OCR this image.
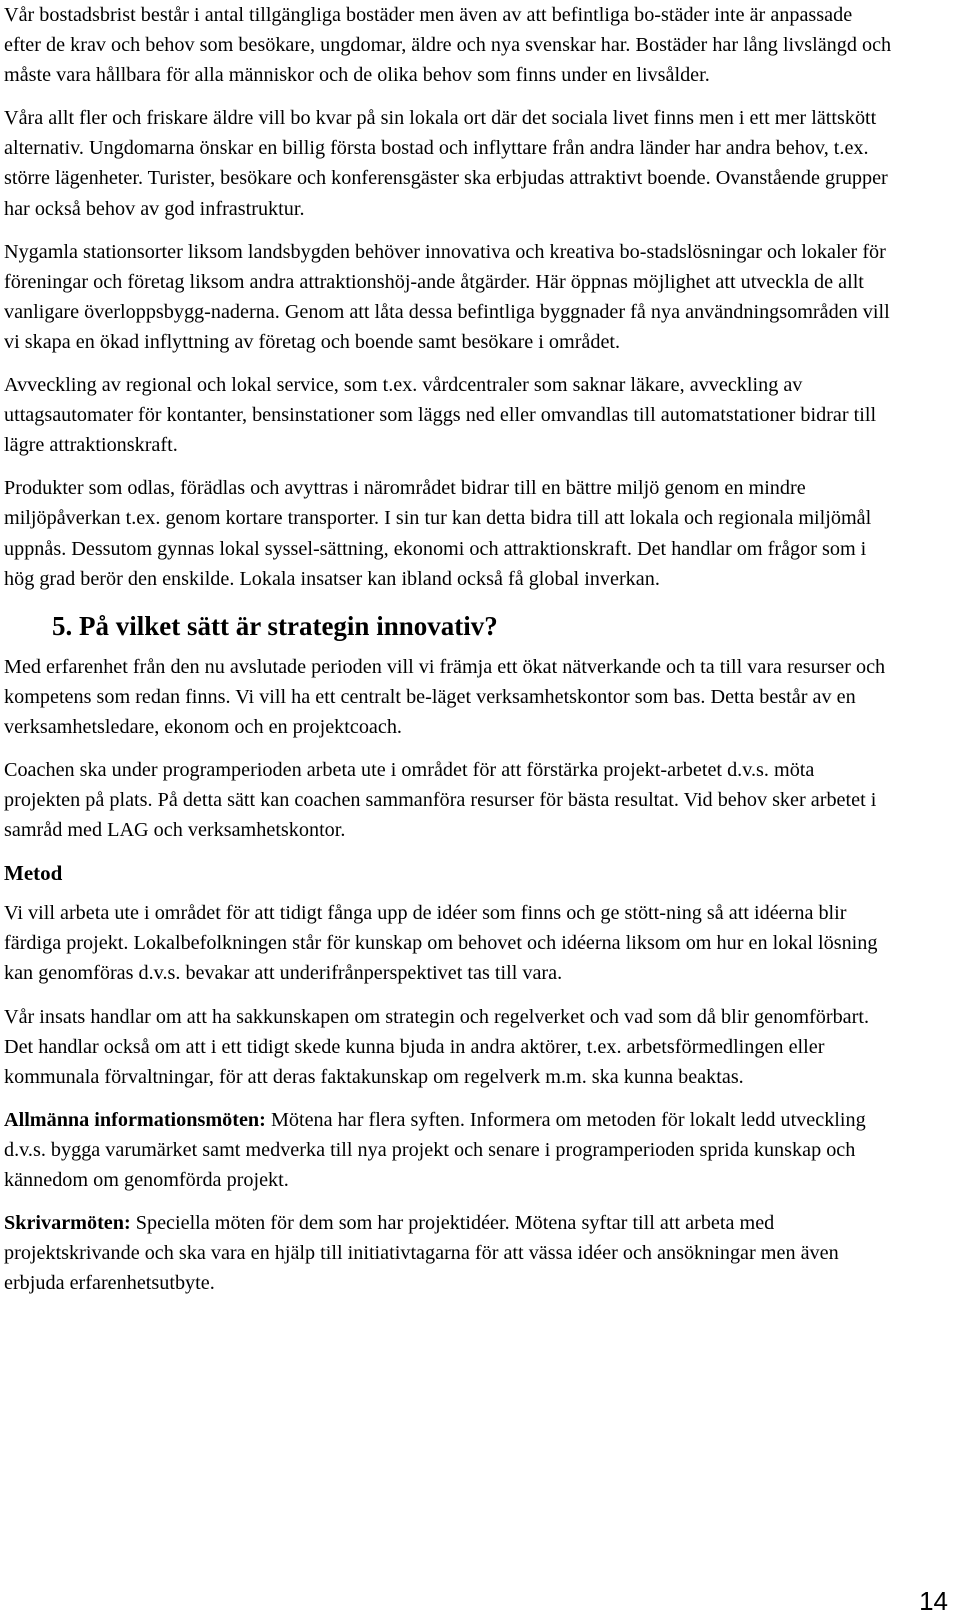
Vår bostadsbrist består i antal tillgängliga bostäder men även av att befintliga bo-städer inte är anpassade efter de krav och behov som besökare, ungdomar, äldre och nya svenskar har. Bostäder har lång livslängd och måste vara hållbara för alla människor och de olika behov som finns under en livsålder.

Våra allt fler och friskare äldre vill bo kvar på sin lokala ort där det sociala livet finns men i ett mer lättskött alternativ. Ungdomarna önskar en billig första bostad och inflyttare från andra länder har andra behov, t.ex. större lägenheter. Turister, besökare och konferensgäster ska erbjudas attraktivt boende. Ovanstående grupper har också behov av god infrastruktur.

Nygamla stationsorter liksom landsbygden behöver innovativa och kreativa bo-stadslösningar och lokaler för föreningar och företag liksom andra attraktionshöj-ande åtgärder. Här öppnas möjlighet att utveckla de allt vanligare överloppsbygg-naderna. Genom att låta dessa befintliga byggnader få nya användningsområden vill vi skapa en ökad inflyttning av företag och boende samt besökare i området.

Avveckling av regional och lokal service, som t.ex. vårdcentraler som saknar läkare, avveckling av uttagsautomater för kontanter, bensinstationer som läggs ned eller omvandlas till automatstationer bidrar till lägre attraktionskraft.

Produkter som odlas, förädlas och avyttras i närområdet bidrar till en bättre miljö genom en mindre miljöpåverkan t.ex. genom kortare transporter. I sin tur kan detta bidra till att lokala och regionala miljömål uppnås. Dessutom gynnas lokal syssel-sättning, ekonomi och attraktionskraft. Det handlar om frågor som i hög grad berör den enskilde. Lokala insatser kan ibland också få global inverkan.

5. På vilket sätt är strategin innovativ?

Med erfarenhet från den nu avslutade perioden vill vi främja ett ökat nätverkande och ta till vara resurser och kompetens som redan finns. Vi vill ha ett centralt be-läget verksamhetskontor som bas. Detta består av en verksamhetsledare, ekonom och en projektcoach.

Coachen ska under programperioden arbeta ute i området för att förstärka projekt-arbetet d.v.s. möta projekten på plats. På detta sätt kan coachen sammanföra resurser för bästa resultat. Vid behov sker arbetet i samråd med LAG och verksamhetskontor.

Metod

Vi vill arbeta ute i området för att tidigt fånga upp de idéer som finns och ge stött-ning så att idéerna blir färdiga projekt. Lokalbefolkningen står för kunskap om behovet och idéerna liksom om hur en lokal lösning kan genomföras d.v.s. bevakar att underifrånperspektivet tas till vara.

Vår insats handlar om att ha sakkunskapen om strategin och regelverket och vad som då blir genomförbart. Det handlar också om att i ett tidigt skede kunna bjuda in andra aktörer, t.ex. arbetsförmedlingen eller kommunala förvaltningar, för att deras faktakunskap om regelverk m.m. ska kunna beaktas.

Allmänna informationsmöten: Mötena har flera syften. Informera om metoden för lokalt ledd utveckling d.v.s. bygga varumärket samt medverka till nya projekt och senare i programperioden sprida kunskap och kännedom om genomförda projekt.

Skrivarmöten: Speciella möten för dem som har projektidéer. Mötena syftar till att arbeta med projektskrivande och ska vara en hjälp till initiativtagarna för att vässa idéer och ansökningar men även erbjuda erfarenhetsutbyte.

14
